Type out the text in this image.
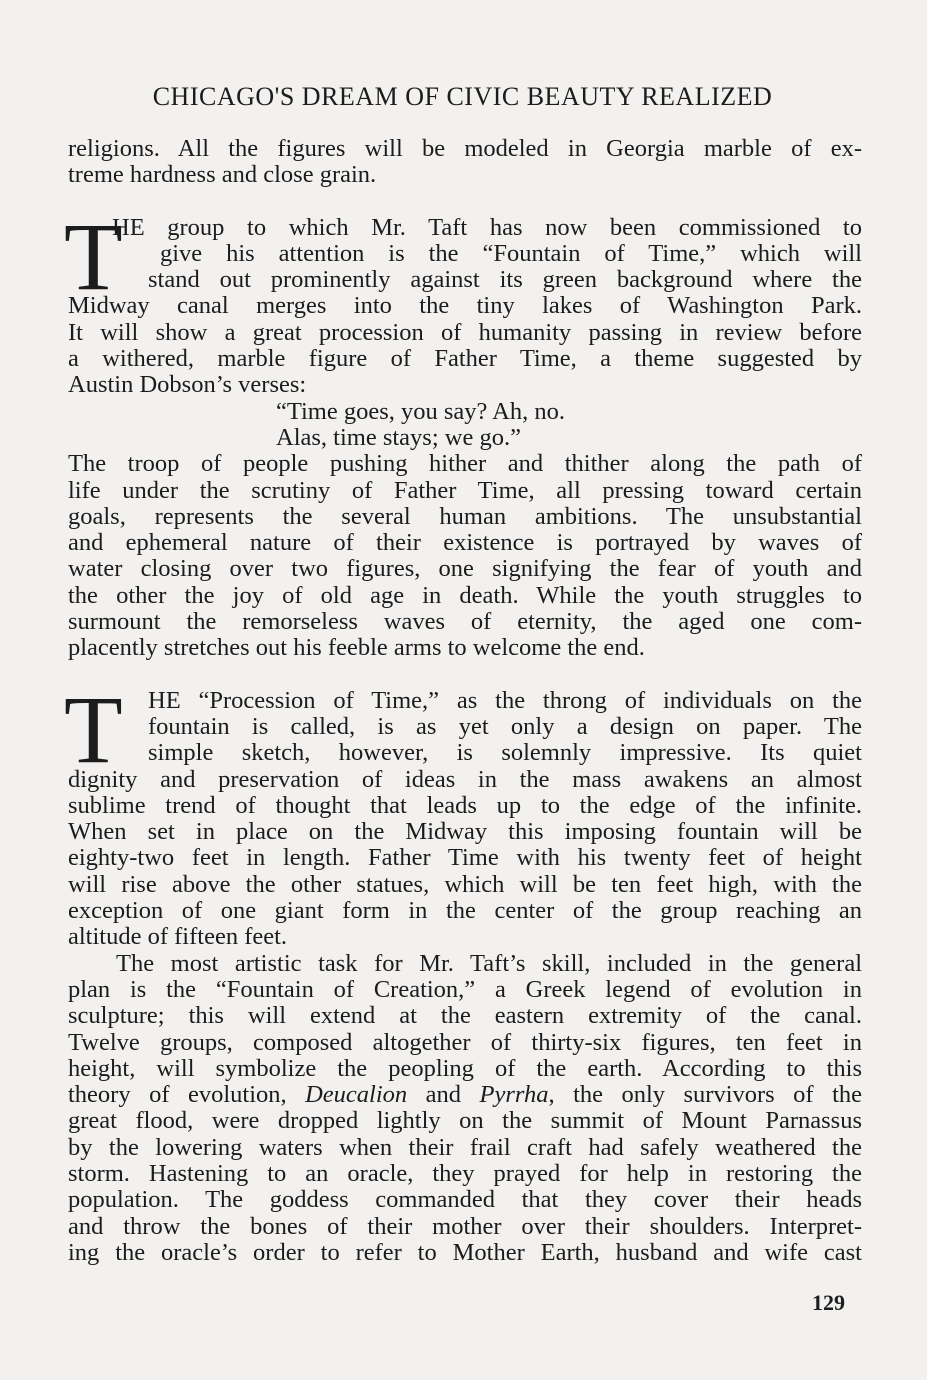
CHICAGO'S DREAM OF CIVIC BEAUTY REALIZED
religions. All the figures will be modeled in Georgia marble of ex-
treme hardness and close grain.
T
HE group to which Mr. Taft has now been commissioned to
give his attention is the “Fountain of Time,” which will
stand out prominently against its green background where the
Midway canal merges into the tiny lakes of Washington Park.
It will show a great procession of humanity passing in review before
a withered, marble figure of Father Time, a theme suggested by
Austin Dobson’s verses:
“Time goes, you say? Ah, no.
Alas, time stays; we go.”
The troop of people pushing hither and thither along the path of
life under the scrutiny of Father Time, all pressing toward certain
goals, represents the several human ambitions. The unsubstantial
and ephemeral nature of their existence is portrayed by waves of
water closing over two figures, one signifying the fear of youth and
the other the joy of old age in death. While the youth struggles to
surmount the remorseless waves of eternity, the aged one com-
placently stretches out his feeble arms to welcome the end.
T	HE “Procession of Time,” as the throng of individuals on the
fountain is called, is as yet only a design on paper. The
simple sketch, however, is solemnly impressive. Its quiet
dignity and preservation of ideas in the mass awakens an almost
sublime trend of thought that leads up to the edge of the infinite.
When set in place on the Midway this imposing fountain will be
eighty-two feet in length. Father Time with his twenty feet of height
will rise above the other statues, which will be ten feet high, with the
exception of one giant form in the center of the group reaching an
altitude of fifteen feet.
The most artistic task for Mr. Taft’s skill, included in the general
plan is the “Fountain of Creation,” a Greek legend of evolution in
sculpture; this will extend at the eastern extremity of the canal.
Twelve groups, composed altogether of thirty-six figures, ten feet in
height, will symbolize the peopling of the earth. According to this
theory of evolution, Deucalion and Pyrrha, the only survivors of the
great flood, were dropped lightly on the summit of Mount Parnassus
by the lowering waters when their frail craft had safely weathered the
storm. Hastening to an oracle, they prayed for help in restoring the
population. The goddess commanded that they cover their heads
and throw the bones of their mother over their shoulders. Interpret-
ing the oracle’s order to refer to Mother Earth, husband and wife cast
129
